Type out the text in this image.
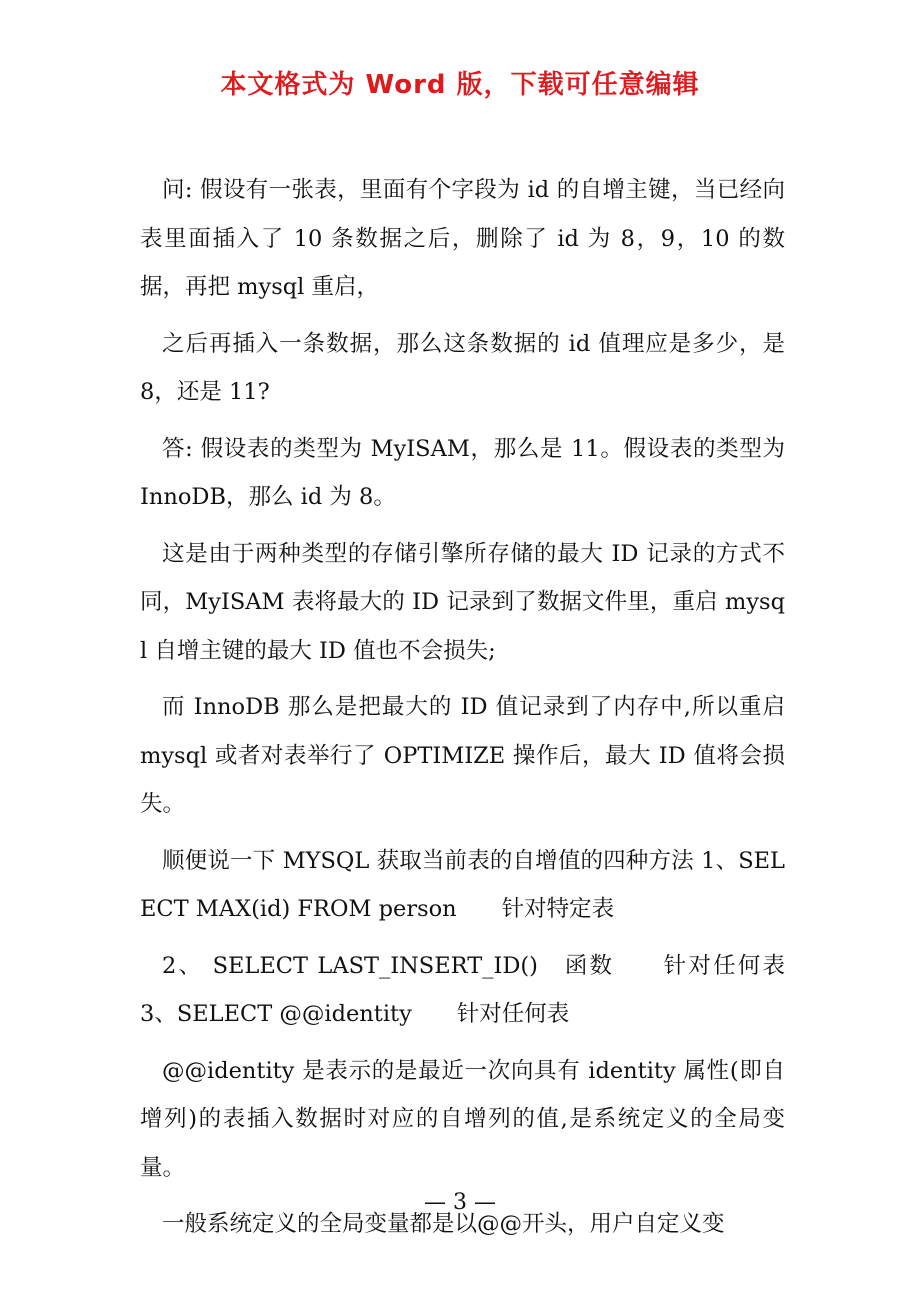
本文格式为 Word 版，下载可任意编辑

问: 假设有一张表，里面有个字段为 id 的自增主键，当已经向表里面插入了 10 条数据之后，删除了 id 为 8，9，10 的数据，再把 mysql 重启，

之后再插入一条数据，那么这条数据的 id 值理应是多少，是 8，还是 11?

答: 假设表的类型为 MyISAM，那么是 11。假设表的类型为 InnoDB，那么 id 为 8。

这是由于两种类型的存储引擎所存储的最大 ID 记录的方式不同，MyISAM 表将最大的 ID 记录到了数据文件里，重启 mysql 自增主键的最大 ID 值也不会损失;

而 InnoDB 那么是把最大的 ID 值记录到了内存中,所以重启 mysql 或者对表举行了 OPTIMIZE 操作后，最大 ID 值将会损失。

顺便说一下 MYSQL 获取当前表的自增值的四种方法 1、SELECT MAX(id) FROM person　　针对特定表

2、 SELECT LAST_INSERT_ID()　函数　　针对任何表 3、SELECT @@identity　　针对任何表

@@identity 是表示的是最近一次向具有 identity 属性(即自增列)的表插入数据时对应的自增列的值,是系统定义的全局变量。

一般系统定义的全局变量都是以@@开头，用户自定义变

— 3 —
